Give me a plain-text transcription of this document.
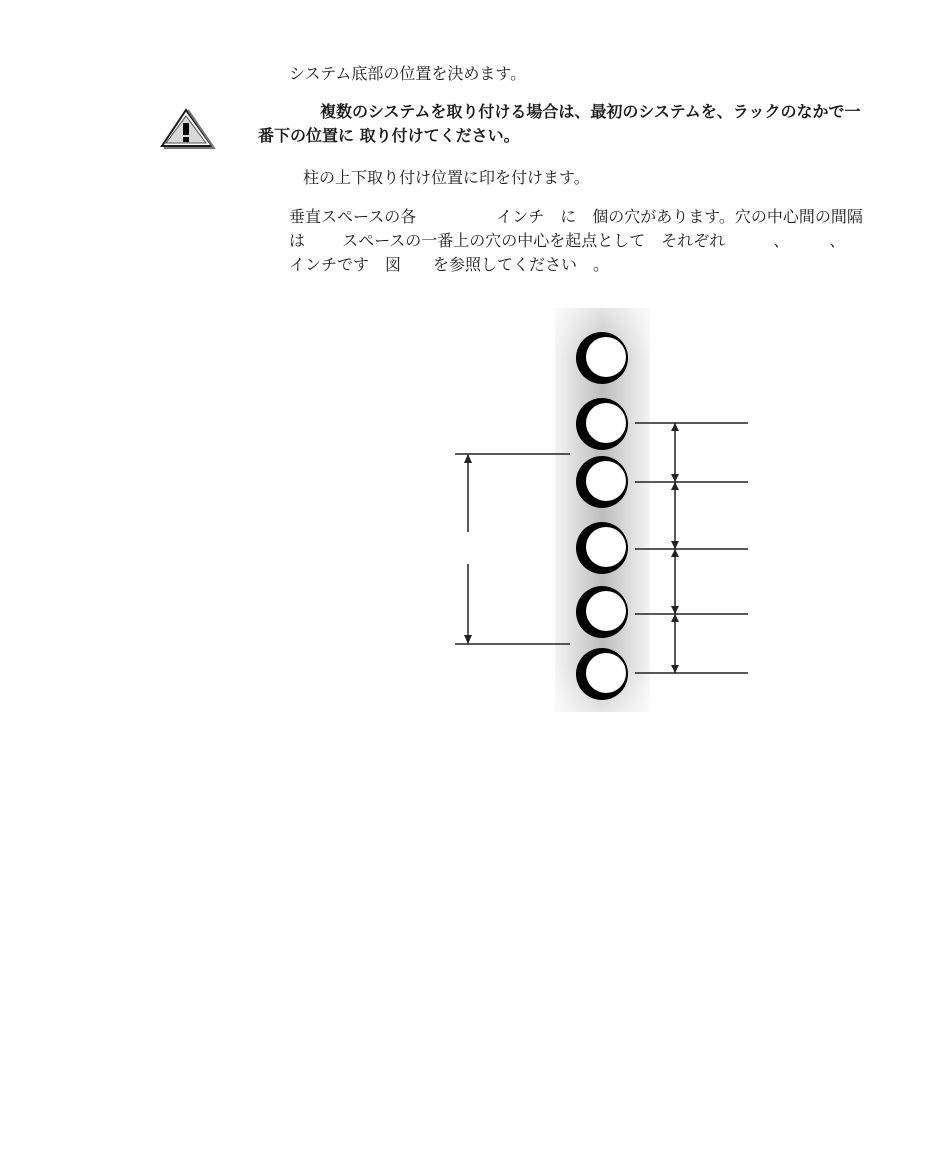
システム底部の位置を決めます。

複数のシステムを取り付ける場合は、最初のシステムを、ラックのなかで一

番下の位置に 取り付けてください。

柱の上下取り付け位置に印を付けます。

垂直スペースの各　　　　　インチ　に　個の穴があります。穴の中心間の間隔
は　　 スペースの一番上の穴の中心を起点として　それぞれ　　　、　　　、
インチです　図　　を参照してください　。
